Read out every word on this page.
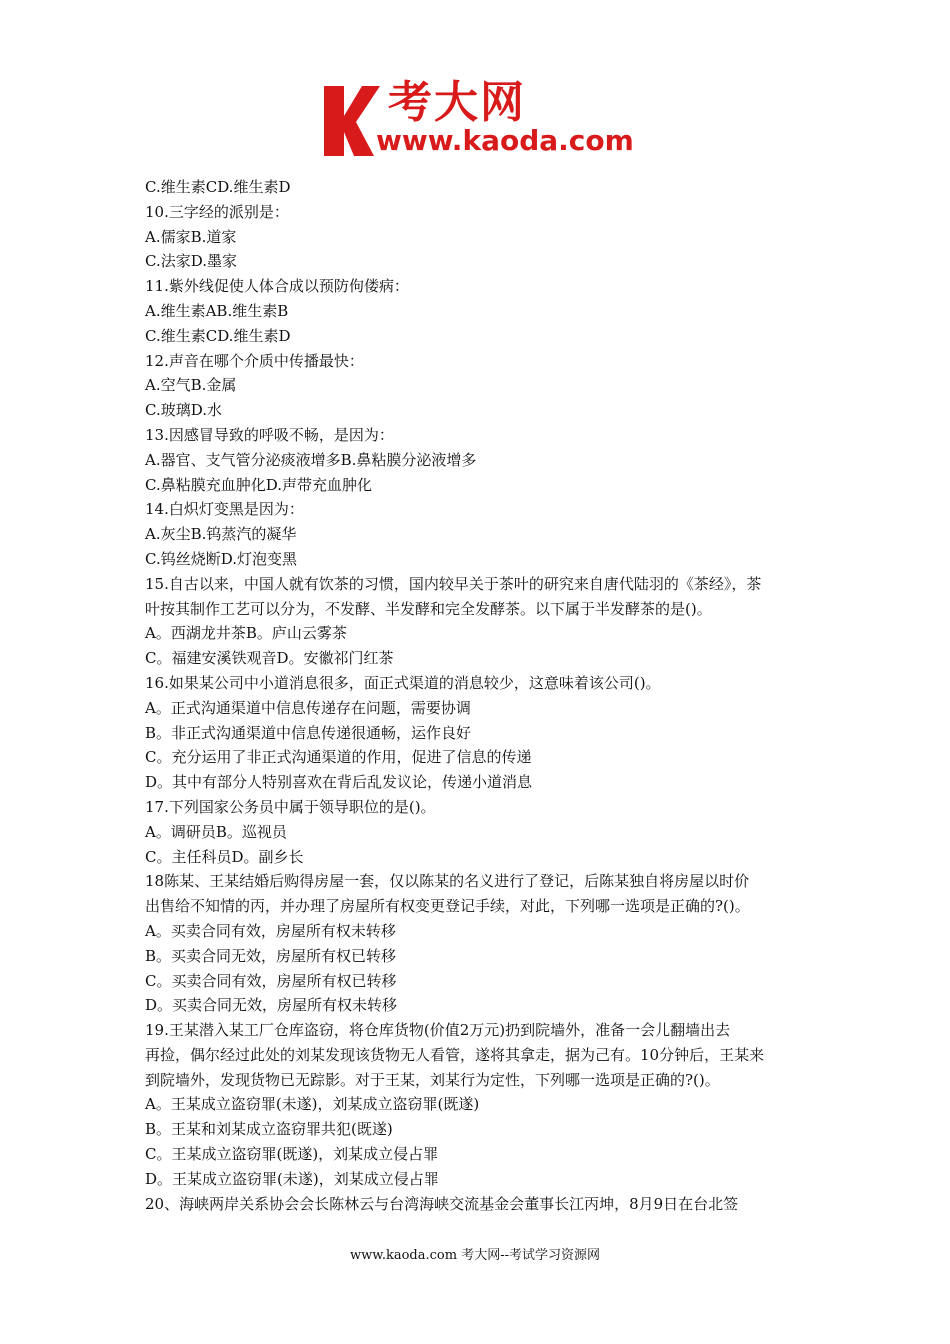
考大网
www.kaoda.com
C.维生素CD.维生素D
10.三字经的派别是：
A.儒家B.道家
C.法家D.墨家
11.紫外线促使人体合成以预防佝偻病：
A.维生素AB.维生素B
C.维生素CD.维生素D
12.声音在哪个介质中传播最快：
A.空气B.金属
C.玻璃D.水
13.因感冒导致的呼吸不畅，是因为：
A.器官、支气管分泌痰液增多B.鼻粘膜分泌液增多
C.鼻粘膜充血肿化D.声带充血肿化
14.白炽灯变黑是因为：
A.灰尘B.钨蒸汽的凝华
C.钨丝烧断D.灯泡变黑
15.自古以来，中国人就有饮茶的习惯，国内较早关于茶叶的研究来自唐代陆羽的《茶经》，茶
叶按其制作工艺可以分为，不发酵、半发酵和完全发酵茶。以下属于半发酵茶的是()。
A。西湖龙井茶B。庐山云雾茶
C。福建安溪铁观音D。安徽祁门红茶
16.如果某公司中小道消息很多，面正式渠道的消息较少，这意味着该公司()。
A。正式沟通渠道中信息传递存在问题，需要协调
B。非正式沟通渠道中信息传递很通畅，运作良好
C。充分运用了非正式沟通渠道的作用，促进了信息的传递
D。其中有部分人特别喜欢在背后乱发议论，传递小道消息
17.下列国家公务员中属于领导职位的是()。
A。调研员B。巡视员
C。主任科员D。副乡长
18陈某、王某结婚后购得房屋一套，仅以陈某的名义进行了登记，后陈某独自将房屋以时价
出售给不知情的丙，并办理了房屋所有权变更登记手续，对此，下列哪一选项是正确的?()。
A。买卖合同有效，房屋所有权未转移
B。买卖合同无效，房屋所有权已转移
C。买卖合同有效，房屋所有权已转移
D。买卖合同无效，房屋所有权未转移
19.王某潜入某工厂仓库盗窃，将仓库货物(价值2万元)扔到院墙外，准备一会儿翻墙出去
再捡，偶尔经过此处的刘某发现该货物无人看管，遂将其拿走，据为己有。10分钟后，王某来
到院墙外，发现货物已无踪影。对于王某，刘某行为定性，下列哪一选项是正确的?()。
A。王某成立盗窃罪(未遂)，刘某成立盗窃罪(既遂)
B。王某和刘某成立盗窃罪共犯(既遂)
C。王某成立盗窃罪(既遂)，刘某成立侵占罪
D。王某成立盗窃罪(未遂)，刘某成立侵占罪
20、海峡两岸关系协会会长陈林云与台湾海峡交流基金会董事长江丙坤，8月9日在台北签
www.kaoda.com 考大网--考试学习资源网
